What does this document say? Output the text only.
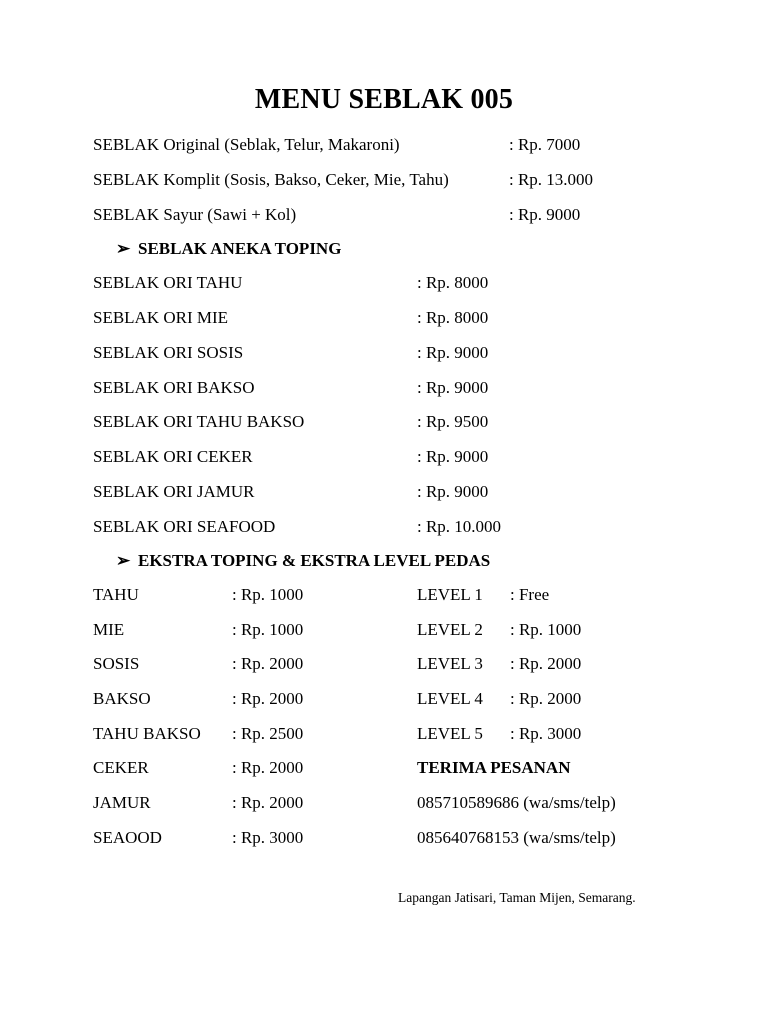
MENU SEBLAK 005
SEBLAK Original (Seblak, Telur, Makaroni)	: Rp. 7000
SEBLAK Komplit (Sosis, Bakso, Ceker, Mie, Tahu)	: Rp. 13.000
SEBLAK Sayur (Sawi + Kol)	: Rp. 9000
➢ SEBLAK ANEKA TOPING
SEBLAK ORI TAHU	: Rp. 8000
SEBLAK ORI MIE	: Rp. 8000
SEBLAK ORI SOSIS	: Rp. 9000
SEBLAK ORI BAKSO	: Rp. 9000
SEBLAK ORI TAHU BAKSO	: Rp. 9500
SEBLAK ORI CEKER	: Rp. 9000
SEBLAK ORI JAMUR	: Rp. 9000
SEBLAK ORI SEAFOOD	: Rp. 10.000
➢ EKSTRA TOPING & EKSTRA LEVEL PEDAS
TAHU	: Rp. 1000
MIE	: Rp. 1000
SOSIS	: Rp. 2000
BAKSO	: Rp. 2000
TAHU BAKSO : Rp. 2500
CEKER	: Rp. 2000
JAMUR	: Rp. 2000
SEAOOD	: Rp. 3000
LEVEL 1 : Free
LEVEL 2 : Rp. 1000
LEVEL 3 : Rp. 2000
LEVEL 4 : Rp. 2000
LEVEL 5 : Rp. 3000
TERIMA PESANAN
085710589686 (wa/sms/telp)
085640768153 (wa/sms/telp)
Lapangan Jatisari, Taman Mijen, Semarang.
